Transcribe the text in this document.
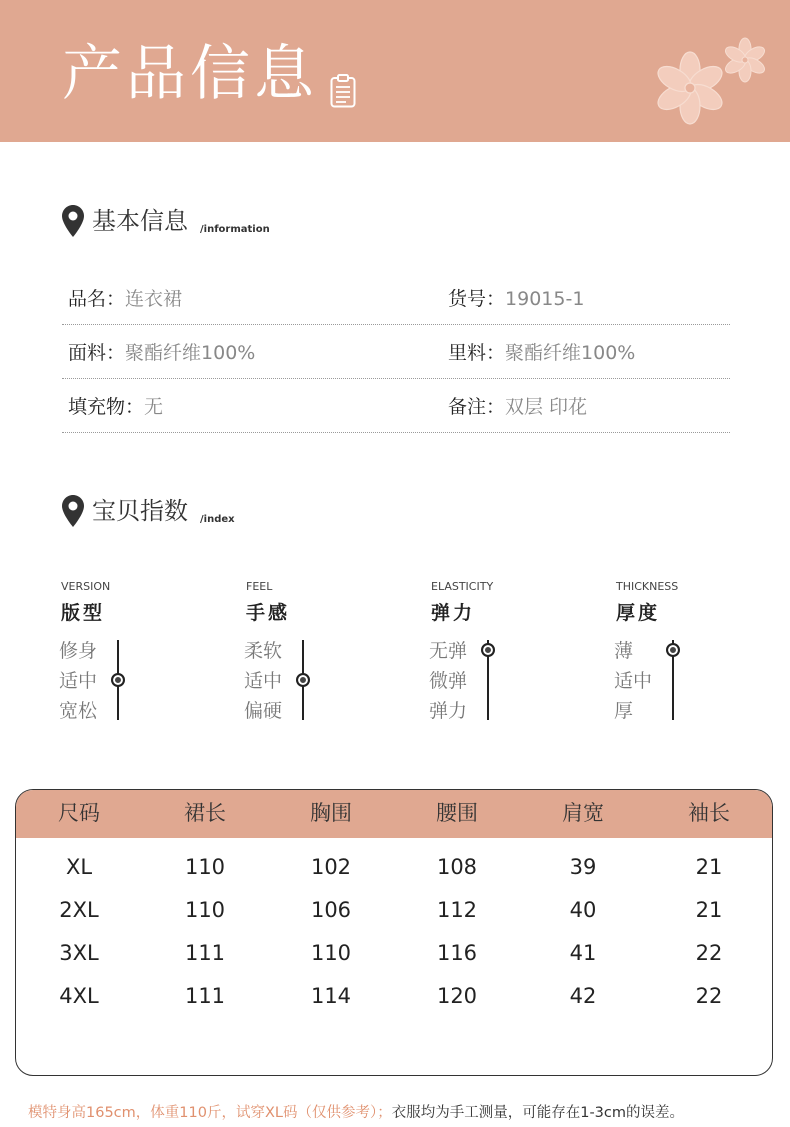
产品信息
基本信息 /information
品名：连衣裙	货号：19015-1
面料：聚酯纤维100%	里料：聚酯纤维100%
填充物：无	备注：双层 印花
宝贝指数 /index
VERSION
版型
修身
适中
宽松
FEEL
手感
柔软
适中
偏硬
ELASTICITY
弹力
无弹
微弹
弹力
THICKNESS
厚度
薄
适中
厚
尺码	裙长	胸围	腰围	肩宽	袖长
XL	110	102	108	39	21
2XL	110	106	112	40	21
3XL	111	110	116	41	22
4XL	111	114	120	42	22
模特身高165cm，体重110斤，试穿XL码（仅供参考）；衣服均为手工测量，可能存在1-3cm的误差。
